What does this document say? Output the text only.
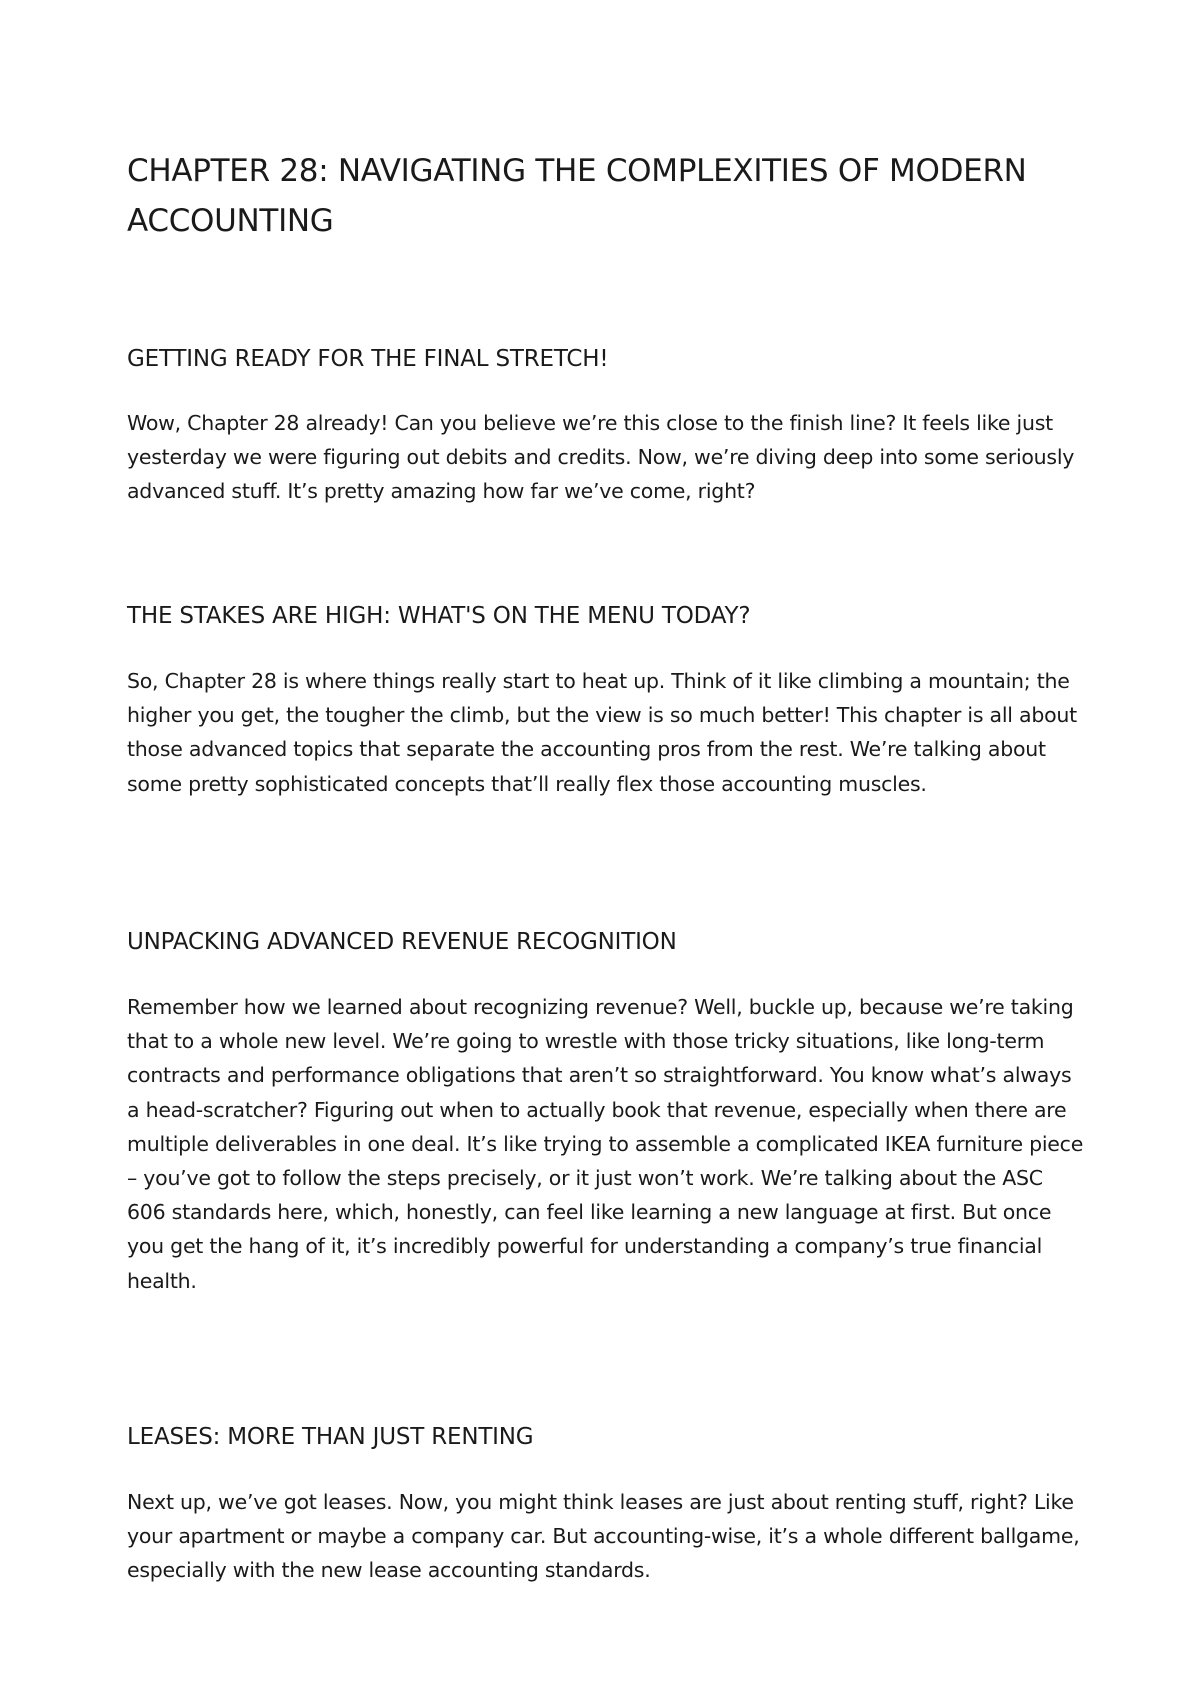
CHAPTER 28: NAVIGATING THE COMPLEXITIES OF MODERN ACCOUNTING
GETTING READY FOR THE FINAL STRETCH!

Wow, Chapter 28 already! Can you believe we’re this close to the finish line? It feels like just yesterday we were figuring out debits and credits. Now, we’re diving deep into some seriously advanced stuff. It’s pretty amazing how far we’ve come, right?

THE STAKES ARE HIGH: WHAT'S ON THE MENU TODAY?

So, Chapter 28 is where things really start to heat up. Think of it like climbing a mountain; the higher you get, the tougher the climb, but the view is so much better! This chapter is all about those advanced topics that separate the accounting pros from the rest. We’re talking about some pretty sophisticated concepts that’ll really flex those accounting muscles.

UNPACKING ADVANCED REVENUE RECOGNITION

Remember how we learned about recognizing revenue? Well, buckle up, because we’re taking that to a whole new level. We’re going to wrestle with those tricky situations, like long-term contracts and performance obligations that aren’t so straightforward. You know what’s always a head-scratcher? Figuring out when to actually book that revenue, especially when there are multiple deliverables in one deal. It’s like trying to assemble a complicated IKEA furniture piece – you’ve got to follow the steps precisely, or it just won’t work. We’re talking about the ASC 606 standards here, which, honestly, can feel like learning a new language at first. But once you get the hang of it, it’s incredibly powerful for understanding a company’s true financial health.

LEASES: MORE THAN JUST RENTING

Next up, we’ve got leases. Now, you might think leases are just about renting stuff, right? Like your apartment or maybe a company car. But accounting-wise, it’s a whole different ballgame, especially with the new lease accounting standards.
